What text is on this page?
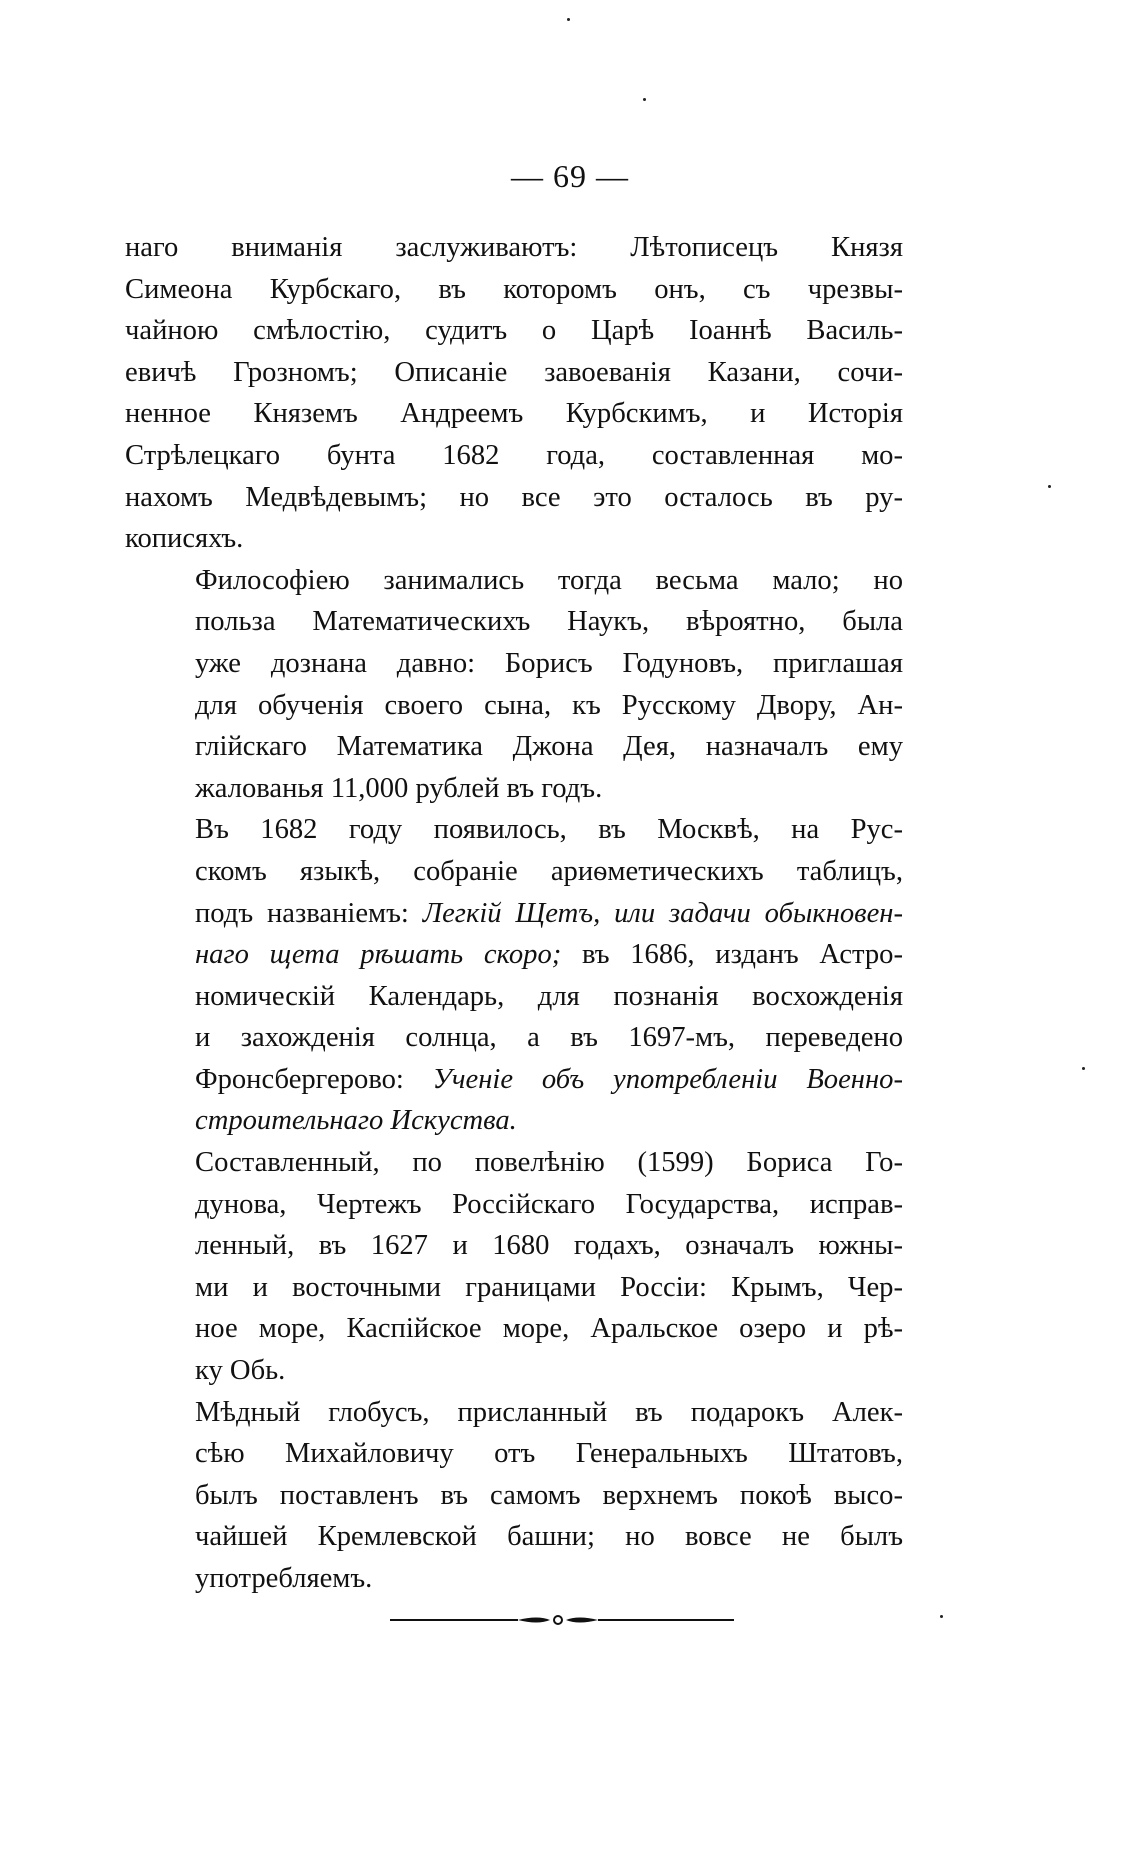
— 69 —

наго вниманія заслуживаютъ: Лѣтописецъ Князя
Симеона Курбскаго, въ которомъ онъ, съ чрезвы-
чайною смѣлостію, судитъ о Царѣ Іоаннѣ Василь-
евичѣ Грозномъ; Описаніе завоеванія Казани, сочи-
ненное Княземъ Андреемъ Курбскимъ, и Исторія
Стрѣлецкаго бунта 1682 года, составленная мо-
нахомъ Медвѣдевымъ; но все это осталось въ ру-
кописяхъ.

Философіею занимались тогда весьма мало; но
польза Математическихъ Наукъ, вѣроятно, была
уже дознана давно: Борисъ Годуновъ, приглашая
для обученія своего сына, къ Русскому Двору, Ан-
глійскаго Математика Джона Дея, назначалъ ему
жалованья 11,000 рублей въ годъ.

Въ 1682 году появилось, въ Москвѣ, на Рус-
скомъ языкѣ, собраніе ариѳметическихъ таблицъ,
подъ названіемъ: Легкій Щетъ, или задачи обыкновен-
наго щета рѣшать скоро; въ 1686, изданъ Астро-
номическій Календарь, для познанія восхожденія
и захожденія солнца, а въ 1697-мъ, переведено
Фронсбергерово: Ученіе объ употребленіи Военно-
строительнаго Искуства.

Составленный, по повелѣнію (1599) Бориса Го-
дунова, Чертежъ Россійскаго Государства, исправ-
ленный, въ 1627 и 1680 годахъ, означалъ южны-
ми и восточными границами Россіи: Крымъ, Чер-
ное море, Каспійское море, Аральское озеро и рѣ-
ку Обь.

Мѣдный глобусъ, присланный въ подарокъ Алек-
сѣю Михайловичу отъ Генеральныхъ Штатовъ,
былъ поставленъ въ самомъ верхнемъ покоѣ высо-
чайшей Кремлевской башни; но вовсе не былъ
употребляемъ.
